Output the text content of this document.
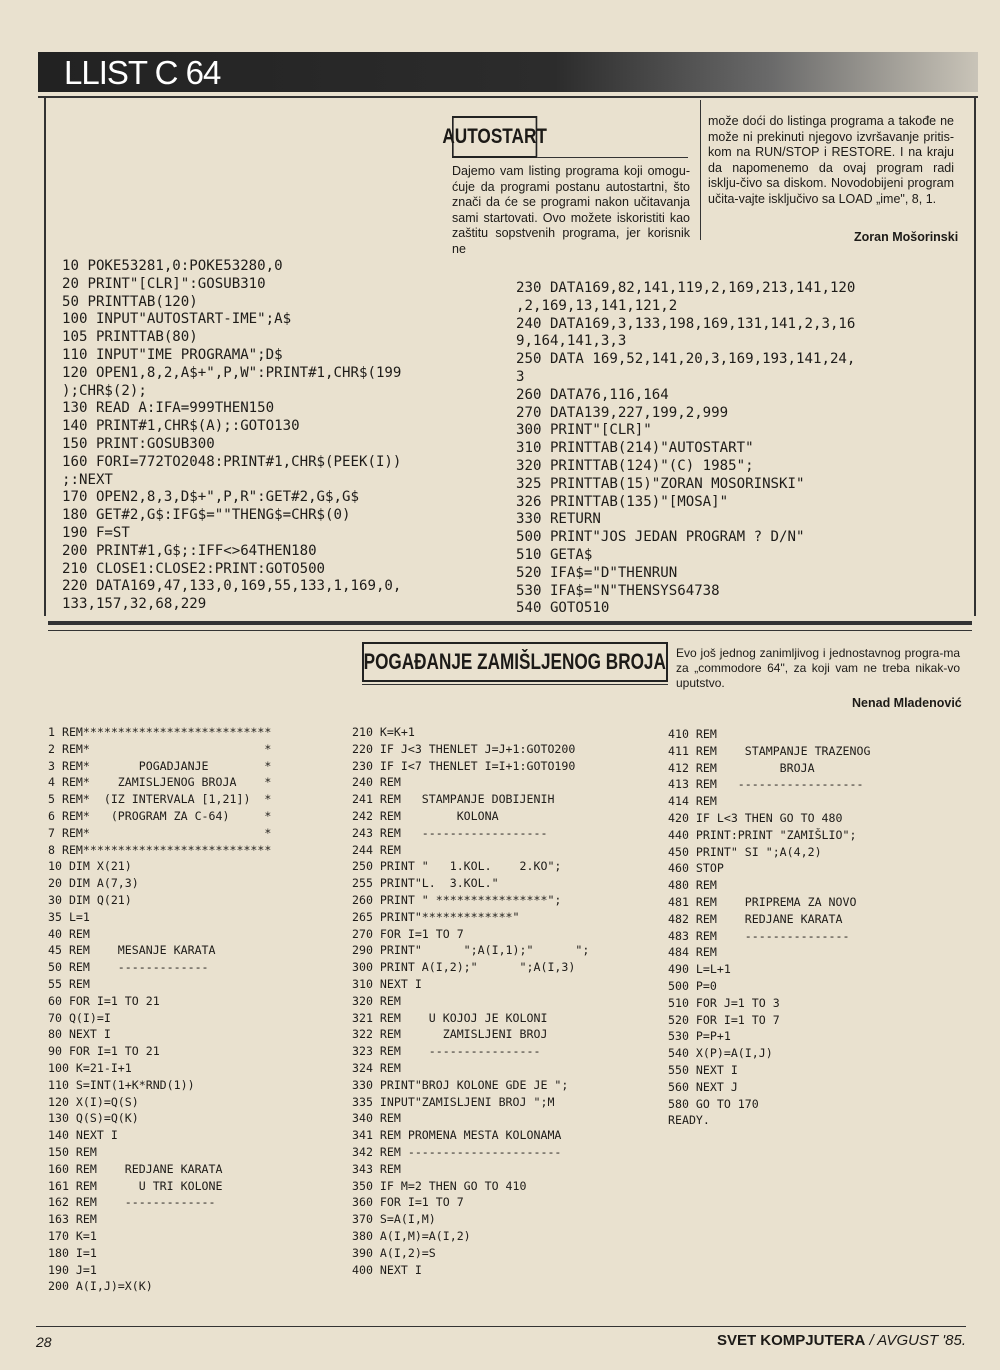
LLIST C 64
AUTOSTART
Dajemo vam listing programa koji omogu-ćuje da programi postanu autostartni, što znači da će se programi nakon učitavanja sami startovati. Ovo možete iskoristiti kao zaštitu sopstvenih programa, jer korisnik ne
može doći do listinga programa a takođe ne može ni prekinuti njegovo izvršavanje pritis-kom na RUN/STOP i RESTORE. I na kraju da napomenemo da ovaj program radi isklju-čivo sa diskom. Novodobijeni program učita-vajte isključivo sa LOAD „ime", 8, 1.
Zoran Mošorinski
10 POKE53281,0:POKE53280,0
20 PRINT"[CLR]":GOSUB310
50 PRINTTAB(120)
100 INPUT"AUTOSTART-IME";A$
105 PRINTTAB(80)
110 INPUT"IME PROGRAMA";D$
120 OPEN1,8,2,A$+",P,W":PRINT#1,CHR$(199
);CHR$(2);
130 READ A:IFA=999THEN150
140 PRINT#1,CHR$(A);:GOTO130
150 PRINT:GOSUB300
160 FORI=772TO2048:PRINT#1,CHR$(PEEK(I))
;:NEXT
170 OPEN2,8,3,D$+",P,R":GET#2,G$,G$
180 GET#2,G$:IFG$=""THENG$=CHR$(0)
190 F=ST
200 PRINT#1,G$;:IFF<>64THEN180
210 CLOSE1:CLOSE2:PRINT:GOTO500
220 DATA169,47,133,0,169,55,133,1,169,0,
133,157,32,68,229
230 DATA169,82,141,119,2,169,213,141,120
,2,169,13,141,121,2
240 DATA169,3,133,198,169,131,141,2,3,16
9,164,141,3,3
250 DATA 169,52,141,20,3,169,193,141,24,
3
260 DATA76,116,164
270 DATA139,227,199,2,999
300 PRINT"[CLR]"
310 PRINTTAB(214)"AUTOSTART"
320 PRINTTAB(124)"(C) 1985";
325 PRINTTAB(15)"ZORAN MOSORINSKI"
326 PRINTTAB(135)"[MOSA]"
330 RETURN
500 PRINT"JOS JEDAN PROGRAM ? D/N"
510 GETA$
520 IFA$="D"THENRUN
530 IFA$="N"THENSYS64738
540 GOTO510
POGAĐANJE ZAMIŠLJENOG BROJA Evo još jednog zanimljivog i jednostavnog progra-ma za „commodore 64", za koji vam ne treba nikak-vo uputstvo.
Nenad Mladenović
1 REM***************************
2 REM*                         *
3 REM*       POGADJANJE        *
4 REM*    ZAMISLJENOG BROJA    *
5 REM*  (IZ INTERVALA [1,21])  *
6 REM*   (PROGRAM ZA C-64)     *
7 REM*                         *
8 REM***************************
10 DIM X(21)
20 DIM A(7,3)
30 DIM Q(21)
35 L=1
40 REM
45 REM    MESANJE KARATA
50 REM    -------------
55 REM
60 FOR I=1 TO 21
70 Q(I)=I
80 NEXT I
90 FOR I=1 TO 21
100 K=21-I+1
110 S=INT(1+K*RND(1))
120 X(I)=Q(S)
130 Q(S)=Q(K)
140 NEXT I
150 REM
160 REM    REDJANE KARATA
161 REM      U TRI KOLONE
162 REM    -------------
163 REM
170 K=1
180 I=1
190 J=1
200 A(I,J)=X(K)
210 K=K+1
220 IF J<3 THENLET J=J+1:GOTO200
230 IF I<7 THENLET I=I+1:GOTO190
240 REM
241 REM   STAMPANJE DOBIJENIH
242 REM        KOLONA
243 REM   ------------------
244 REM
250 PRINT "   1.KOL.    2.KO";
255 PRINT"L.  3.KOL."
260 PRINT " ****************";
265 PRINT"*************"
270 FOR I=1 TO 7
290 PRINT"      ";A(I,1);"      ";
300 PRINT A(I,2);"      ";A(I,3)
310 NEXT I
320 REM
321 REM    U KOJOJ JE KOLONI
322 REM      ZAMISLJENI BROJ
323 REM    ----------------
324 REM
330 PRINT"BROJ KOLONE GDE JE ";
335 INPUT"ZAMISLJENI BROJ ";M
340 REM
341 REM PROMENA MESTA KOLONAMA
342 REM ----------------------
343 REM
350 IF M=2 THEN GO TO 410
360 FOR I=1 TO 7
370 S=A(I,M)
380 A(I,M)=A(I,2)
390 A(I,2)=S
400 NEXT I
410 REM
411 REM    STAMPANJE TRAZENOG
412 REM         BROJA
413 REM   ------------------
414 REM
420 IF L<3 THEN GO TO 480
440 PRINT:PRINT "ZAMIŠLIO";
450 PRINT" SI ";A(4,2)
460 STOP
480 REM
481 REM    PRIPREMA ZA NOVO
482 REM    REDJANE KARATA
483 REM    ---------------
484 REM
490 L=L+1
500 P=0
510 FOR J=1 TO 3
520 FOR I=1 TO 7
530 P=P+1
540 X(P)=A(I,J)
550 NEXT I
560 NEXT J
580 GO TO 170
READY.
28	SVET KOMPJUTERA / AVGUST '85.
